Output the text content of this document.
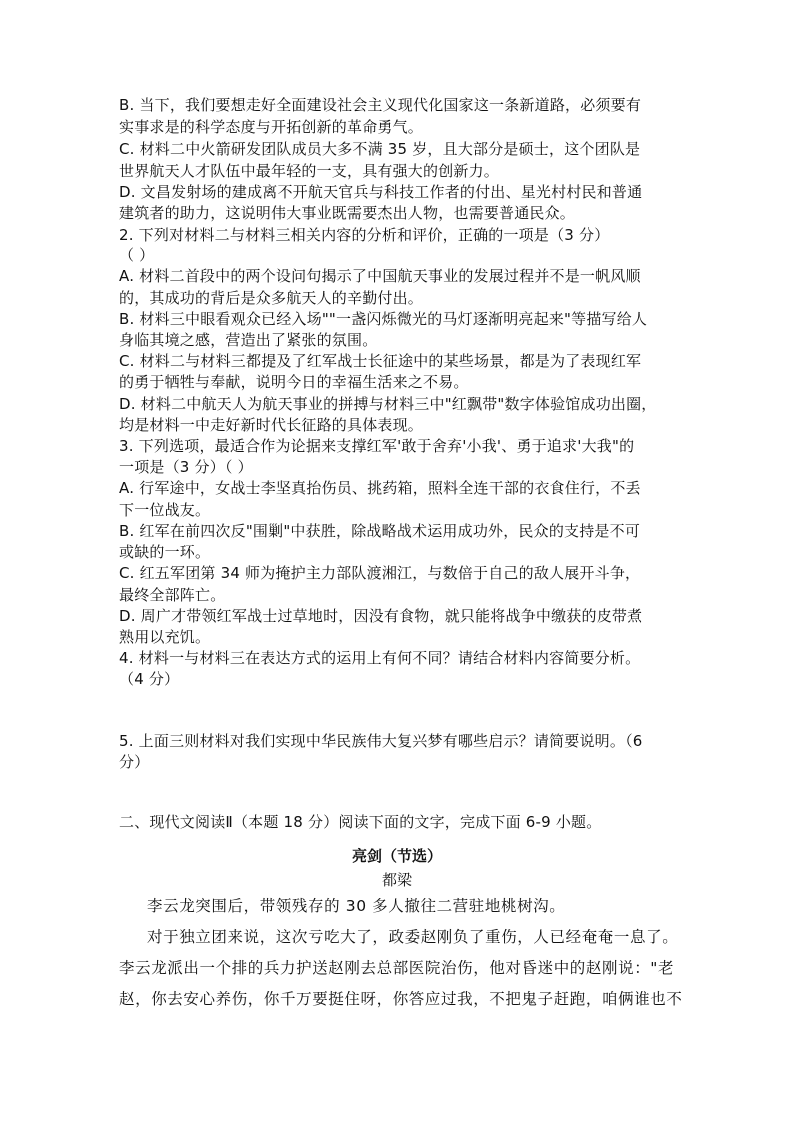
B. 当下，我们要想走好全面建设社会主义现代化国家这一条新道路，必须要有
实事求是的科学态度与开拓创新的革命勇气。
C. 材料二中火箭研发团队成员大多不满 35 岁，且大部分是硕士，这个团队是
世界航天人才队伍中最年轻的一支，具有强大的创新力。
D. 文昌发射场的建成离不开航天官兵与科技工作者的付出、星光村村民和普通
建筑者的助力，这说明伟大事业既需要杰出人物，也需要普通民众。
2. 下列对材料二与材料三相关内容的分析和评价，正确的一项是（3 分）
（ ）
A. 材料二首段中的两个设问句揭示了中国航天事业的发展过程并不是一帆风顺
的，其成功的背后是众多航天人的辛勤付出。
B. 材料三中眼看观众已经入场""一盏闪烁微光的马灯逐渐明亮起来"等描写给人
身临其境之感，营造出了紧张的氛围。
C. 材料二与材料三都提及了红军战士长征途中的某些场景，都是为了表现红军
的勇于牺牲与奉献，说明今日的幸福生活来之不易。
D. 材料二中航天人为航天事业的拼搏与材料三中"红飘带"数字体验馆成功出圈，
均是材料一中走好新时代长征路的具体表现。
3. 下列选项，最适合作为论据来支撑红军'敢于舍弃'小我'、勇于追求'大我"的
一项是（3 分）（ ）
A. 行军途中，女战士李坚真抬伤员、挑药箱，照料全连干部的衣食住行，不丢
下一位战友。
B. 红军在前四次反"围剿"中获胜，除战略战术运用成功外，民众的支持是不可
或缺的一环。
C. 红五军团第 34 师为掩护主力部队渡湘江，与数倍于自己的敌人展开斗争，
最终全部阵亡。
D. 周广才带领红军战士过草地时，因没有食物，就只能将战争中缴获的皮带煮
熟用以充饥。
4. 材料一与材料三在表达方式的运用上有何不同？请结合材料内容简要分析。
（4 分）
5. 上面三则材料对我们实现中华民族伟大复兴梦有哪些启示？请简要说明。（6
分）
二、现代文阅读Ⅱ（本题 18 分）阅读下面的文字，完成下面 6-9 小题。
亮剑（节选）
都梁
李云龙突围后，带领残存的 30 多人撤往二营驻地桃树沟。
对于独立团来说，这次亏吃大了，政委赵刚负了重伤，人已经奄奄一息了。
李云龙派出一个排的兵力护送赵刚去总部医院治伤，他对昏迷中的赵刚说："老
赵，你去安心养伤，你千万要挺住呀，你答应过我，不把鬼子赶跑，咱俩谁也不
